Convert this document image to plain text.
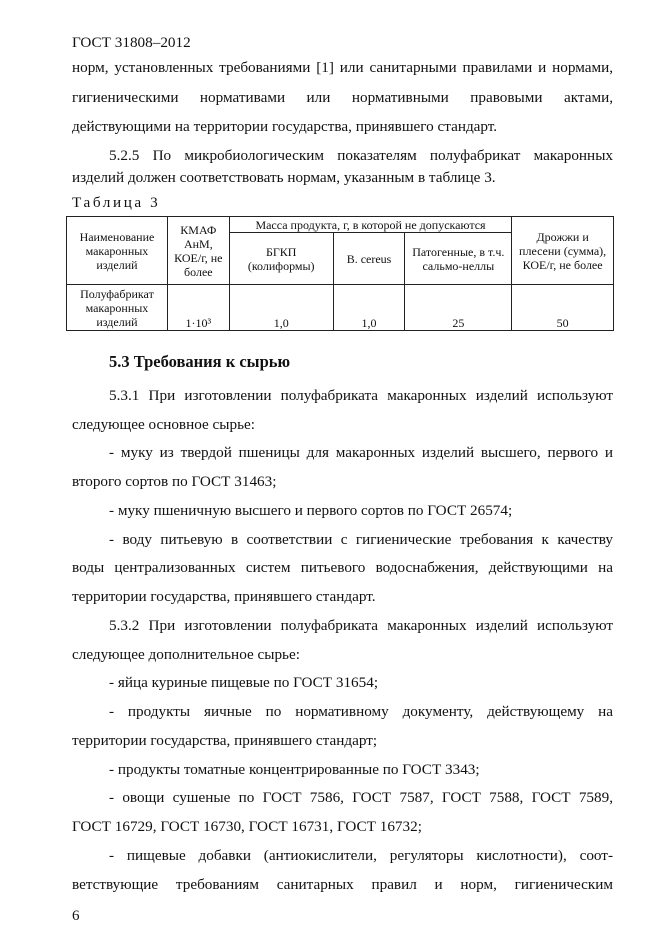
ГОСТ 31808–2012
норм, установленных требованиями [1] или санитарными правилами и нормами,
гигиеническими нормативами или нормативными правовыми актами,
действующими на территории государства, принявшего стандарт.
5.2.5 По микробиологическим показателям полуфабрикат макаронных
изделий должен соответствовать нормам, указанным в таблице 3.
Таблица 3
Наименование макаронных изделий	КМАФ АнМ, КОЕ/г, не более	Масса продукта, г, в которой не допускаются			Дрожжи и плесени (сумма), КОЕ/г, не более
		БГКП (колиформы)	B. cereus	Патогенные, в т.ч. сальмо-неллы	
Полуфабрикат макаронных изделий	1·10³	1,0	1,0	25	50
5.3 Требования к сырью
5.3.1 При изготовлении полуфабриката макаронных изделий используют
следующее основное сырье:
- муку из твердой пшеницы для макаронных изделий высшего, первого и
второго сортов по ГОСТ 31463;
- муку пшеничную высшего и первого сортов по ГОСТ 26574;
- воду питьевую в соответствии с гигиенические требования к качеству
воды централизованных систем питьевого водоснабжения, действующими на
территории государства, принявшего стандарт.
5.3.2 При изготовлении полуфабриката макаронных изделий используют
следующее дополнительное сырье:
- яйца куриные пищевые по ГОСТ 31654;
- продукты яичные по нормативному документу, действующему на
территории государства, принявшего стандарт;
- продукты томатные концентрированные по ГОСТ 3343;
- овощи сушеные по ГОСТ 7586, ГОСТ 7587, ГОСТ 7588, ГОСТ 7589,
ГОСТ 16729, ГОСТ 16730, ГОСТ 16731, ГОСТ 16732;
- пищевые добавки (антиокислители, регуляторы кислотности), соот-
ветствующие требованиям санитарных правил и норм, гигиеническим
6
